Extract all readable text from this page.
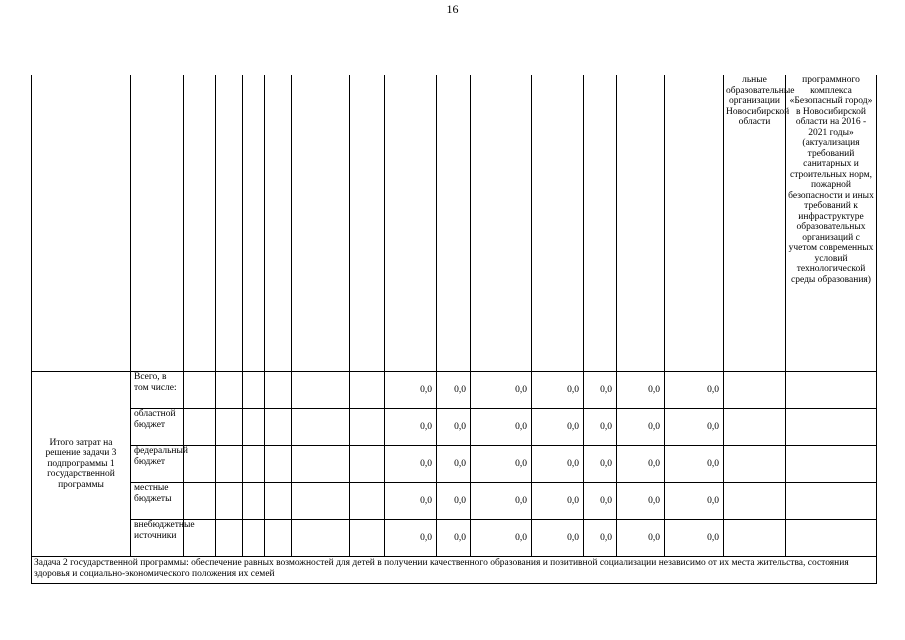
16
															льные образовательные организации Новосибирской области	программного комплекса «Безопасный город» в Новосибирской области на 2016 - 2021 годы» (актуализация требований санитарных и строительных норм, пожарной безопасности и иных требований к инфраструктуре образовательных организаций с учетом современных условий технологической среды образования)
Итого затрат на решение задачи 3 подпрограммы 1 государственной программы	Всего, в том числе:							0,0	0,0	0,0	0,0	0,0	0,0	0,0		
	областной бюджет							0,0	0,0	0,0	0,0	0,0	0,0	0,0		
	федеральный бюджет							0,0	0,0	0,0	0,0	0,0	0,0	0,0		
	местные бюджеты							0,0	0,0	0,0	0,0	0,0	0,0	0,0		
	внебюджетные источники							0,0	0,0	0,0	0,0	0,0	0,0	0,0		
Задача 2 государственной программы: обеспечение равных возможностей для детей в получении качественного образования и позитивной социализации независимо от их места жительства, состояния здоровья и социально-экономического положения их семей																
